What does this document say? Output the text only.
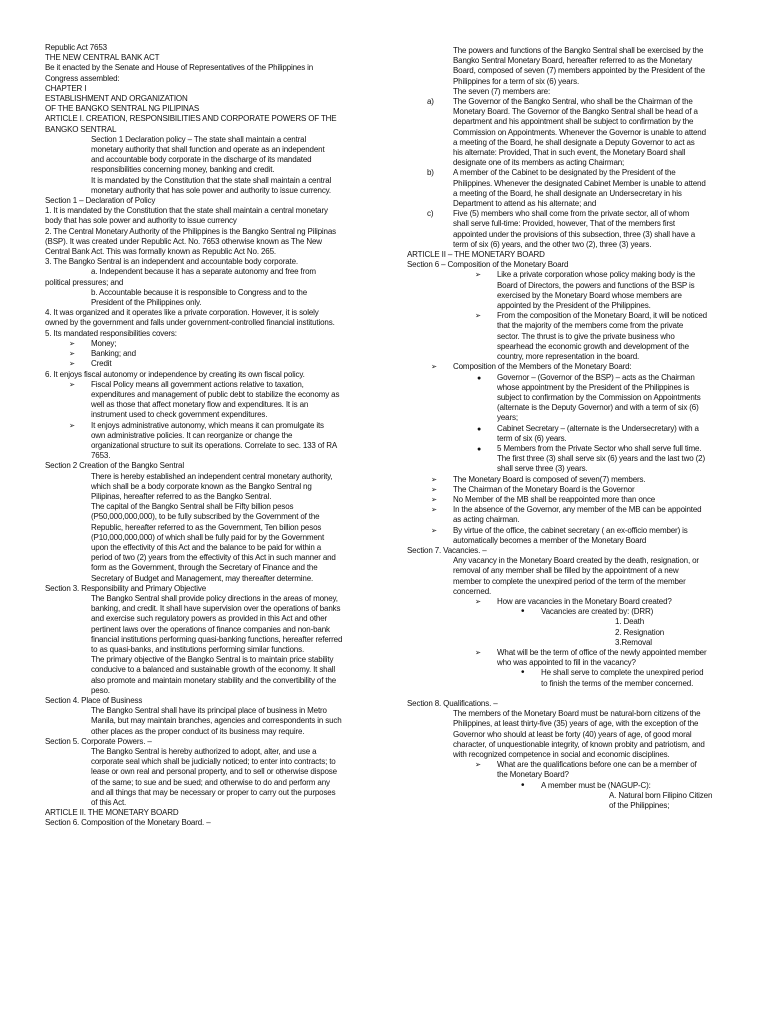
Republic Act 7653
THE NEW CENTRAL BANK ACT
Be it enacted by the Senate and House of Representatives of the Philippines in
Congress assembled:
CHAPTER I
ESTABLISHMENT AND ORGANIZATION
OF THE BANGKO SENTRAL NG PILIPINAS
ARTICLE I. CREATION, RESPONSIBILITIES AND CORPORATE POWERS OF THE
BANGKO SENTRAL
Section 1 Declaration policy – The state shall maintain a central
monetary authority that shall function and operate as an independent
and accountable body corporate in the discharge of its mandated
responsibilities concerning money, banking and credit.
It is mandated by the Constitution that the state shall maintain a central
monetary authority that has sole power and authority to issue currency.
Section 1 – Declaration of Policy
1. It is mandated by the Constitution that the state shall maintain a central monetary
body that has sole power and authority to issue currency
2. The Central Monetary Authority of the Philippines is the Bangko Sentral ng Pilipinas
(BSP). It was created under Republic Act. No. 7653 otherwise known as The New
Central Bank Act. This was formally known as Republic Act No. 265.
3. The Bangko Sentral is an independent and accountable body corporate.
a. Independent because it has a separate autonomy and free from
political pressures; and
b. Accountable because it is responsible to Congress and to the
President of the Philippines only.
4. It was organized and it operates like a private corporation. However, it is solely
owned by the government and falls under government-controlled financial institutions.
5. Its mandated responsibilities covers:
➢
Money;
➢
Banking; and
➢
Credit
6. It enjoys fiscal autonomy or independence by creating its own fiscal policy.
➢
Fiscal Policy means all government actions relative to taxation,
expenditures and management of public debt to stabilize the economy as
well as those that affect monetary flow and expenditures. It is an
instrument used to check government expenditures.
➢
It enjoys administrative autonomy, which means it can promulgate its
own administrative policies. It can reorganize or change the
organizational structure to suit its operations. Correlate to sec. 133 of RA
7653.
Section 2 Creation of the Bangko Sentral
There is hereby established an independent central monetary authority,
which shall be a body corporate known as the Bangko Sentral ng
Pilipinas, hereafter referred to as the Bangko Sentral.
The capital of the Bangko Sentral shall be Fifty billion pesos
(P50,000,000,000), to be fully subscribed by the Government of the
Republic, hereafter referred to as the Government, Ten billion pesos
(P10,000,000,000) of which shall be fully paid for by the Government
upon the effectivity of this Act and the balance to be paid for within a
period of two (2) years from the effectivity of this Act in such manner and
form as the Government, through the Secretary of Finance and the
Secretary of Budget and Management, may thereafter determine.
Section 3. Responsibility and Primary Objective
The Bangko Sentral shall provide policy directions in the areas of money,
banking, and credit. It shall have supervision over the operations of banks
and exercise such regulatory powers as provided in this Act and other
pertinent laws over the operations of finance companies and non-bank
financial institutions performing quasi-banking functions, hereafter referred
to as quasi-banks, and institutions performing similar functions.
The primary objective of the Bangko Sentral is to maintain price stability
conducive to a balanced and sustainable growth of the economy. It shall
also promote and maintain monetary stability and the convertibility of the
peso.
Section 4. Place of Business
The Bangko Sentral shall have its principal place of business in Metro
Manila, but may maintain branches, agencies and correspondents in such
other places as the proper conduct of its business may require.
Section 5. Corporate Powers. –
The Bangko Sentral is hereby authorized to adopt, alter, and use a
corporate seal which shall be judicially noticed; to enter into contracts; to
lease or own real and personal property, and to sell or otherwise dispose
of the same; to sue and be sued; and otherwise to do and perform any
and all things that may be necessary or proper to carry out the purposes
of this Act.
ARTICLE II. THE MONETARY BOARD
Section 6. Composition of the Monetary Board. –
The powers and functions of the Bangko Sentral shall be exercised by the
Bangko Sentral Monetary Board, hereafter referred to as the Monetary
Board, composed of seven (7) members appointed by the President of the
Philippines for a term of six (6) years.
The seven (7) members are:
a) The Governor of the Bangko Sentral, who shall be the Chairman of the
Monetary Board. The Governor of the Bangko Sentral shall be head of a
department and his appointment shall be subject to confirmation by the
Commission on Appointments. Whenever the Governor is unable to attend
a meeting of the Board, he shall designate a Deputy Governor to act as
his alternate: Provided, That in such event, the Monetary Board shall
designate one of its members as acting Chairman;
b) A member of the Cabinet to be designated by the President of the
Philippines. Whenever the designated Cabinet Member is unable to attend
a meeting of the Board, he shall designate an Undersecretary in his
Department to attend as his alternate; and
c) Five (5) members who shall come from the private sector, all of whom
shall serve full-time: Provided, however, That of the members first
appointed under the provisions of this subsection, three (3) shall have a
term of six (6) years, and the other two (2), three (3) years.
ARTICLE II – THE MONETARY BOARD
Section 6 – Composition of the Monetary Board
➢
Like a private corporation whose policy making body is the
Board of Directors, the powers and functions of the BSP is
exercised by the Monetary Board whose members are
appointed by the President of the Philippines.
➢
From the composition of the Monetary Board, it will be noticed
that the majority of the members come from the private
sector. The thrust is to give the private business who
spearhead the economic growth and development of the
country, more representation in the board.
➢
Composition of the Members of the Monetary Board:
●
Governor – (Governor of the BSP) – acts as the Chairman
whose appointment by the President of the Philippines is
subject to confirmation by the Commission on Appointments
(alternate is the Deputy Governor) and with a term of six (6)
years;
●
Cabinet Secretary – (alternate is the Undersecretary) with a
term of six (6) years.
●
5 Members from the Private Sector who shall serve full time.
The first three (3) shall serve six (6) years and the last two (2)
shall serve three (3) years.
➢
The Monetary Board is composed of seven(7) members.
➢
The Chairman of the Monetary Board is the Governor
➢
No Member of the MB shall be reappointed more than once
➢
In the absence of the Governor, any member of the MB can be appointed
as acting chairman.
➢
By virtue of the office, the cabinet secretary ( an ex-officio member) is
automatically becomes a member of the Monetary Board
Section 7. Vacancies. –
Any vacancy in the Monetary Board created by the death, resignation, or
removal of any member shall be filled by the appointment of a new
member to complete the unexpired period of the term of the member
concerned.
➢
How are vacancies in the Monetary Board created?
•
Vacancies are created by: (DRR)
1. Death
2. Resignation
3.Removal
➢
What will be the term of office of the newly appointed member
who was appointed to fill in the vacancy?
•
He shall serve to complete the unexpired period
to finish the terms of the member concerned.
Section 8. Qualifications. –
The members of the Monetary Board must be natural-born citizens of the
Philippines, at least thirty-five (35) years of age, with the exception of the
Governor who should at least be forty (40) years of age, of good moral
character, of unquestionable integrity, of known probity and patriotism, and
with recognized competence in social and economic disciplines.
➢
What are the qualifications before one can be a member of
the Monetary Board?
•
A member must be (NAGUP-C):
A. Natural born Filipino Citizen
of the Philippines;
